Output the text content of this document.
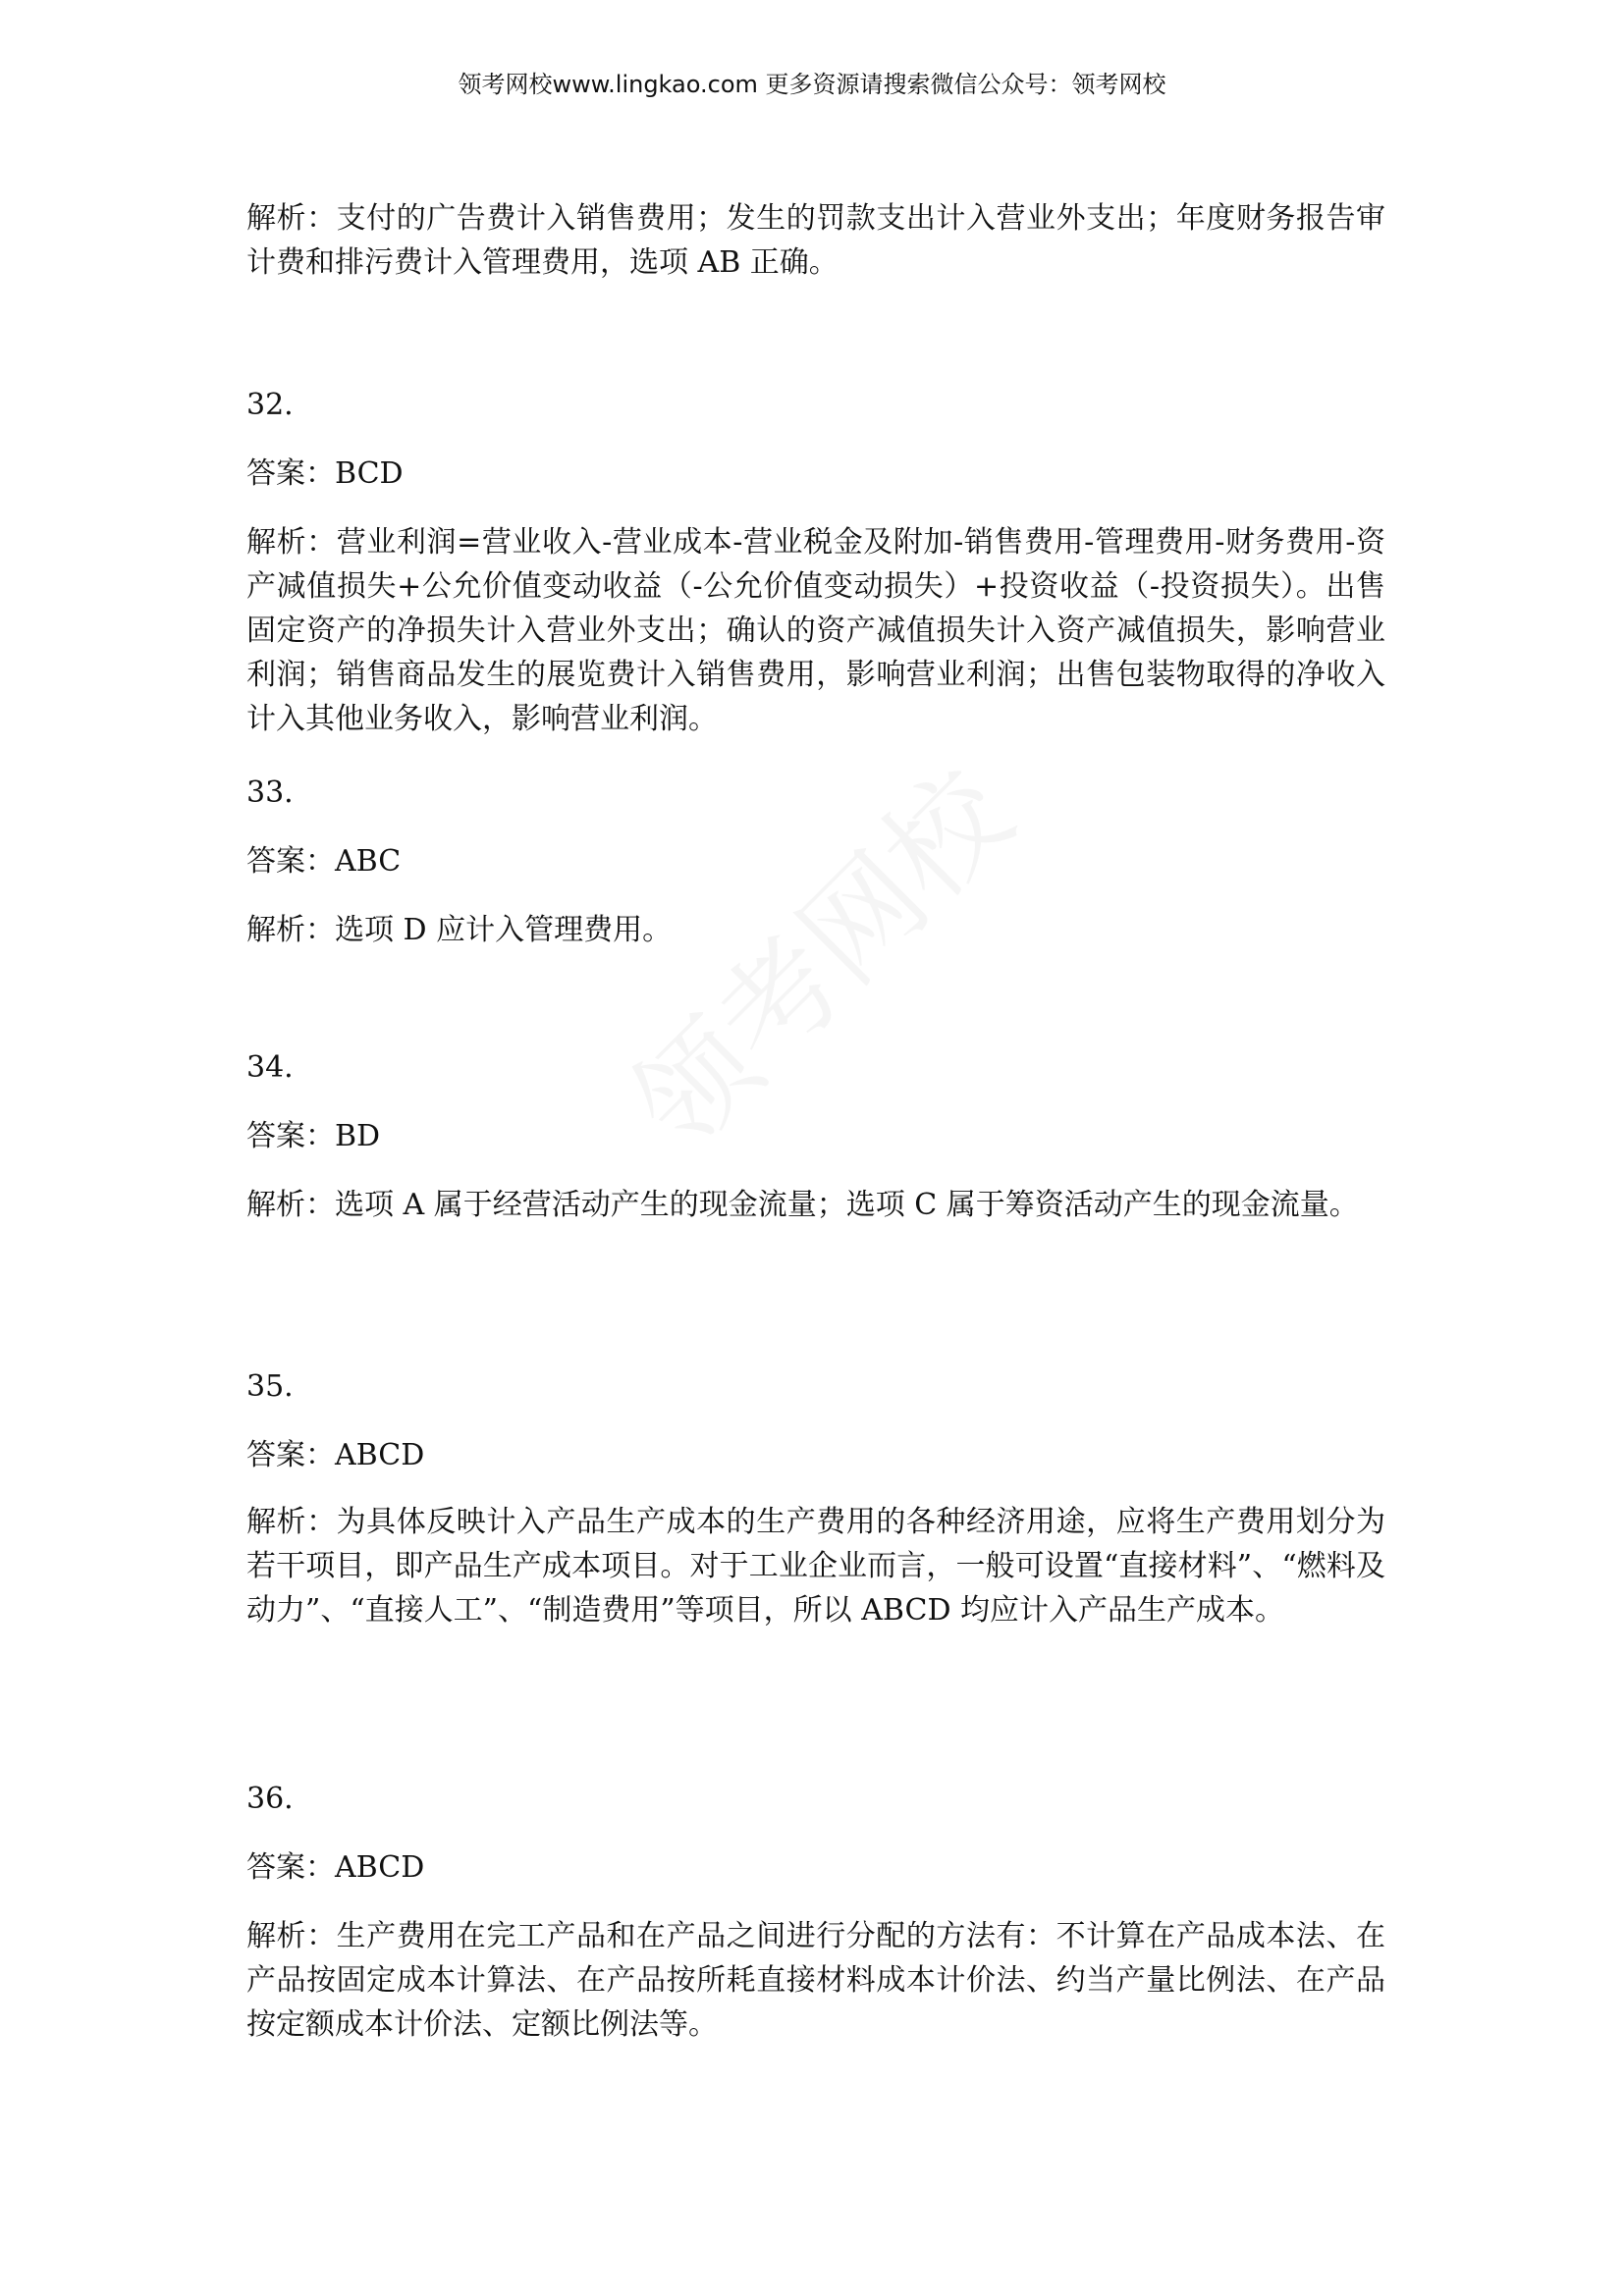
领考网校www.lingkao.com 更多资源请搜索微信公众号：领考网校

解析：支付的广告费计入销售费用；发生的罚款支出计入营业外支出；年度财务报告审计费和排污费计入管理费用，选项 AB 正确。

32.

答案：BCD

解析：营业利润=营业收入-营业成本-营业税金及附加-销售费用-管理费用-财务费用-资产减值损失+公允价值变动收益（-公允价值变动损失）+投资收益（-投资损失）。出售固定资产的净损失计入营业外支出；确认的资产减值损失计入资产减值损失，影响营业利润；销售商品发生的展览费计入销售费用，影响营业利润；出售包装物取得的净收入计入其他业务收入，影响营业利润。

33.

答案：ABC

解析：选项 D 应计入管理费用。

34.

答案：BD

解析：选项 A 属于经营活动产生的现金流量；选项 C 属于筹资活动产生的现金流量。

35.

答案：ABCD

解析：为具体反映计入产品生产成本的生产费用的各种经济用途，应将生产费用划分为若干项目，即产品生产成本项目。对于工业企业而言，一般可设置“直接材料”、“燃料及动力”、“直接人工”、“制造费用”等项目，所以 ABCD 均应计入产品生产成本。

36.

答案：ABCD

解析：生产费用在完工产品和在产品之间进行分配的方法有：不计算在产品成本法、在产品按固定成本计算法、在产品按所耗直接材料成本计价法、约当产量比例法、在产品按定额成本计价法、定额比例法等。
